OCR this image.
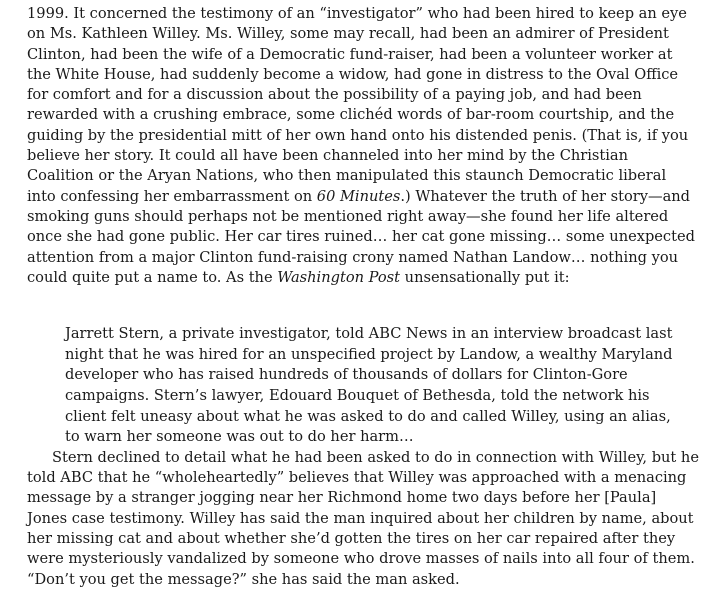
1999. It concerned the testimony of an “investigator” who had been hired to keep an eye on Ms. Kathleen Willey. Ms. Willey, some may recall, had been an admirer of President Clinton, had been the wife of a Democratic fund-raiser, had been a volunteer worker at the White House, had suddenly become a widow, had gone in distress to the Oval Office for comfort and for a discussion about the possibility of a paying job, and had been rewarded with a crushing embrace, some clichéd words of bar-room courtship, and the guiding by the presidential mitt of her own hand onto his distended penis. (That is, if you believe her story. It could all have been channeled into her mind by the Christian Coalition or the Aryan Nations, who then manipulated this staunch Democratic liberal into confessing her embarrassment on 60 Minutes.) Whatever the truth of her story—and smoking guns should perhaps not be mentioned right away—she found her life altered once she had gone public. Her car tires ruined… her cat gone missing… some unexpected attention from a major Clinton fund-raising crony named Nathan Landow… nothing you could quite put a name to. As the Washington Post unsensationally put it:

Jarrett Stern, a private investigator, told ABC News in an interview broadcast last night that he was hired for an unspecified project by Landow, a wealthy Maryland developer who has raised hundreds of thousands of dollars for Clinton-Gore campaigns. Stern’s lawyer, Edouard Bouquet of Bethesda, told the network his client felt uneasy about what he was asked to do and called Willey, using an alias, to warn her someone was out to do her harm…

Stern declined to detail what he had been asked to do in connection with Willey, but he told ABC that he “wholeheartedly” believes that Willey was approached with a menacing message by a stranger jogging near her Richmond home two days before her [Paula] Jones case testimony. Willey has said the man inquired about her children by name, about her missing cat and about whether she’d gotten the tires on her car repaired after they were mysteriously vandalized by someone who drove masses of nails into all four of them. “Don’t you get the message?” she has said the man asked.
